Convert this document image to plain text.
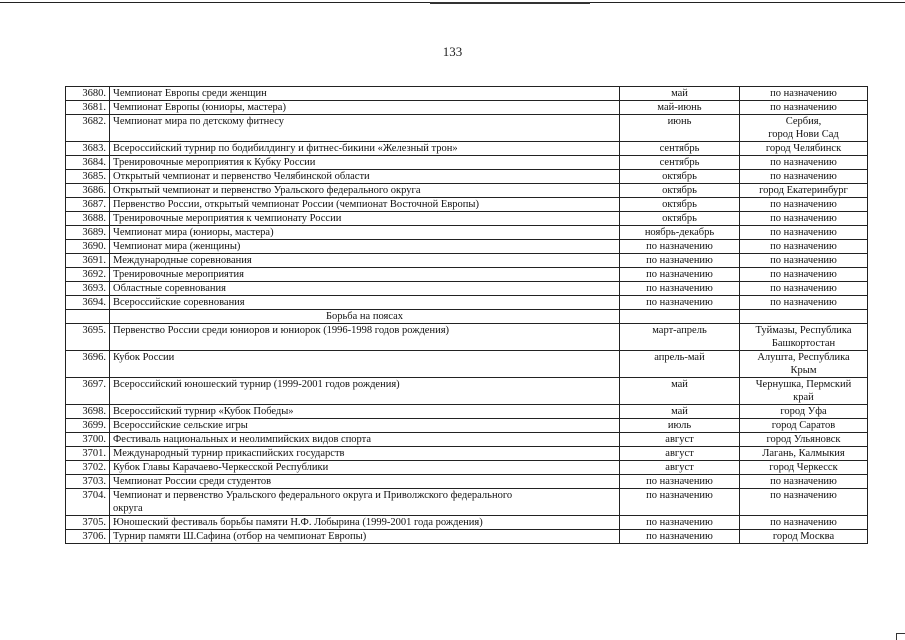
133
3680.	Чемпионат Европы среди женщин	май	по назначению
3681.	Чемпионат Европы (юниоры, мастера)	май-июнь	по назначению
3682.	Чемпионат мира по детскому фитнесу	июнь	Сербия,
город Нови Сад
3683.	Всероссийский турнир по бодибилдингу и фитнес-бикини «Железный трон»	сентябрь	город Челябинск
3684.	Тренировочные мероприятия к Кубку России	сентябрь	по назначению
3685.	Открытый чемпионат и первенство Челябинской области	октябрь	по назначению
3686.	Открытый чемпионат и первенство Уральского федерального округа	октябрь	город Екатеринбург
3687.	Первенство России, открытый чемпионат России (чемпионат Восточной Европы)	октябрь	по назначению
3688.	Тренировочные мероприятия к чемпионату России	октябрь	по назначению
3689.	Чемпионат мира (юниоры, мастера)	ноябрь-декабрь	по назначению
3690.	Чемпионат мира (женщины)	по назначению	по назначению
3691.	Международные соревнования	по назначению	по назначению
3692.	Тренировочные мероприятия	по назначению	по назначению
3693.	Областные соревнования	по назначению	по назначению
3694.	Всероссийские соревнования	по назначению	по назначению
	Борьба на поясах		
3695.	Первенство России среди юниоров и юниорок (1996-1998 годов рождения)	март-апрель	Туймазы, Республика
Башкортостан
3696.	Кубок России	апрель-май	Алушта, Республика
Крым
3697.	Всероссийский юношеский турнир (1999-2001 годов рождения)	май	Чернушка, Пермский
край
3698.	Всероссийский турнир «Кубок Победы»	май	город Уфа
3699.	Всероссийские сельские игры	июль	город Саратов
3700.	Фестиваль национальных и неолимпийских видов спорта	август	город Ульяновск
3701.	Международный турнир прикаспийских государств	август	Лагань, Калмыкия
3702.	Кубок Главы Карачаево-Черкесской Республики	август	город Черкесск
3703.	Чемпионат России среди студентов	по назначению	по назначению
3704.	Чемпионат и первенство Уральского федерального округа и Приволжского федерального
округа	по назначению	по назначению
3705.	Юношеский фестиваль борьбы памяти Н.Ф. Лобырина (1999-2001 года рождения)	по назначению	по назначению
3706.	Турнир памяти Ш.Сафина (отбор на чемпионат Европы)	по назначению	город Москва
